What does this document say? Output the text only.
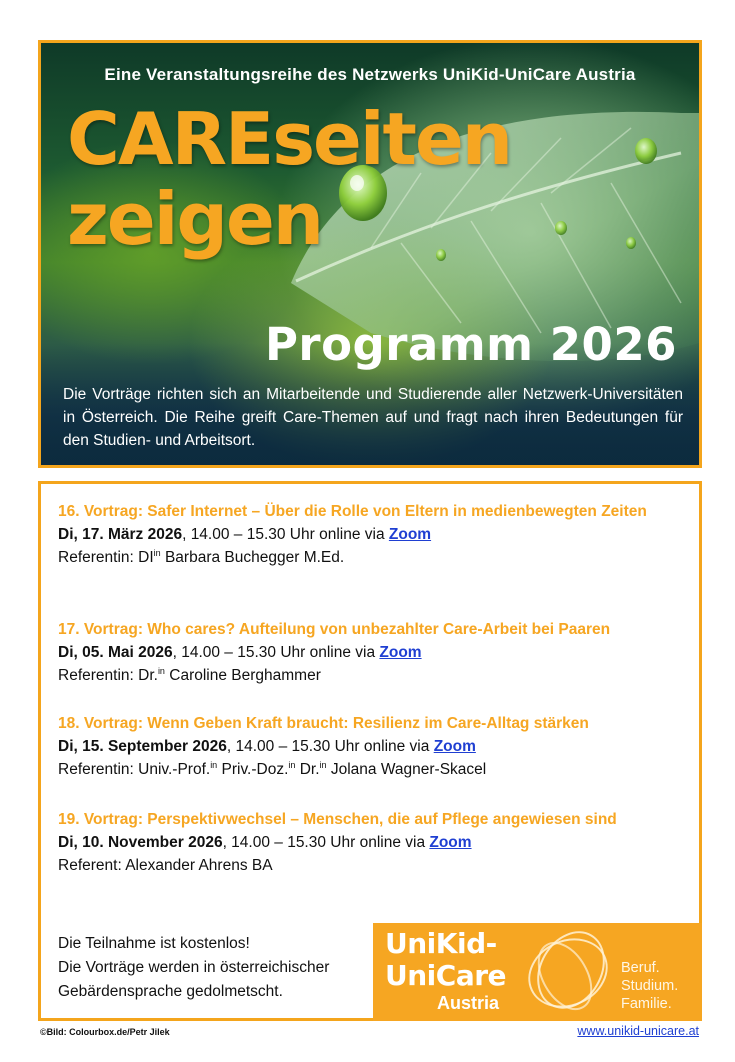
Eine Veranstaltungsreihe des Netzwerks UniKid-UniCare Austria
CAREseiten
zeigen
Programm 2026
Die Vorträge richten sich an Mitarbeitende und Studierende aller Netzwerk-Universitäten in Österreich. Die Reihe greift Care-Themen auf und fragt nach ihren Bedeutungen für den Studien- und Arbeitsort.
16. Vortrag: Safer Internet – Über die Rolle von Eltern in medienbewegten Zeiten
Di, 17. März 2026, 14.00 – 15.30 Uhr online via Zoom
Referentin: $DI^{in}$ Barbara Buchegger M.Ed.
17. Vortrag: Who cares? Aufteilung von unbezahlter Care-Arbeit bei Paaren
Di, 05. Mai 2026, 14.00 – 15.30 Uhr online via Zoom
Referentin: Dr.$^{in}$ Caroline Berghammer
18. Vortrag: Wenn Geben Kraft braucht: Resilienz im Care-Alltag stärken
Di, 15. September 2026, 14.00 – 15.30 Uhr online via Zoom
Referentin: Univ.-Prof.$^{in}$ Priv.-Doz.$^{in}$ Dr.$^{in}$ Jolana Wagner-Skacel
19. Vortrag: Perspektivwechsel – Menschen, die auf Pflege angewiesen sind
Di, 10. November 2026, 14.00 – 15.30 Uhr online via Zoom
Referent: Alexander Ahrens BA
Die Teilnahme ist kostenlos!
Die Vorträge werden in österreichischer
Gebärdensprache gedolmetscht.
UniKid-
UniCare
Austria
Beruf.
Studium.
Familie.
©Bild: Colourbox.de/Petr Jilek	www.unikid-unicare.at
